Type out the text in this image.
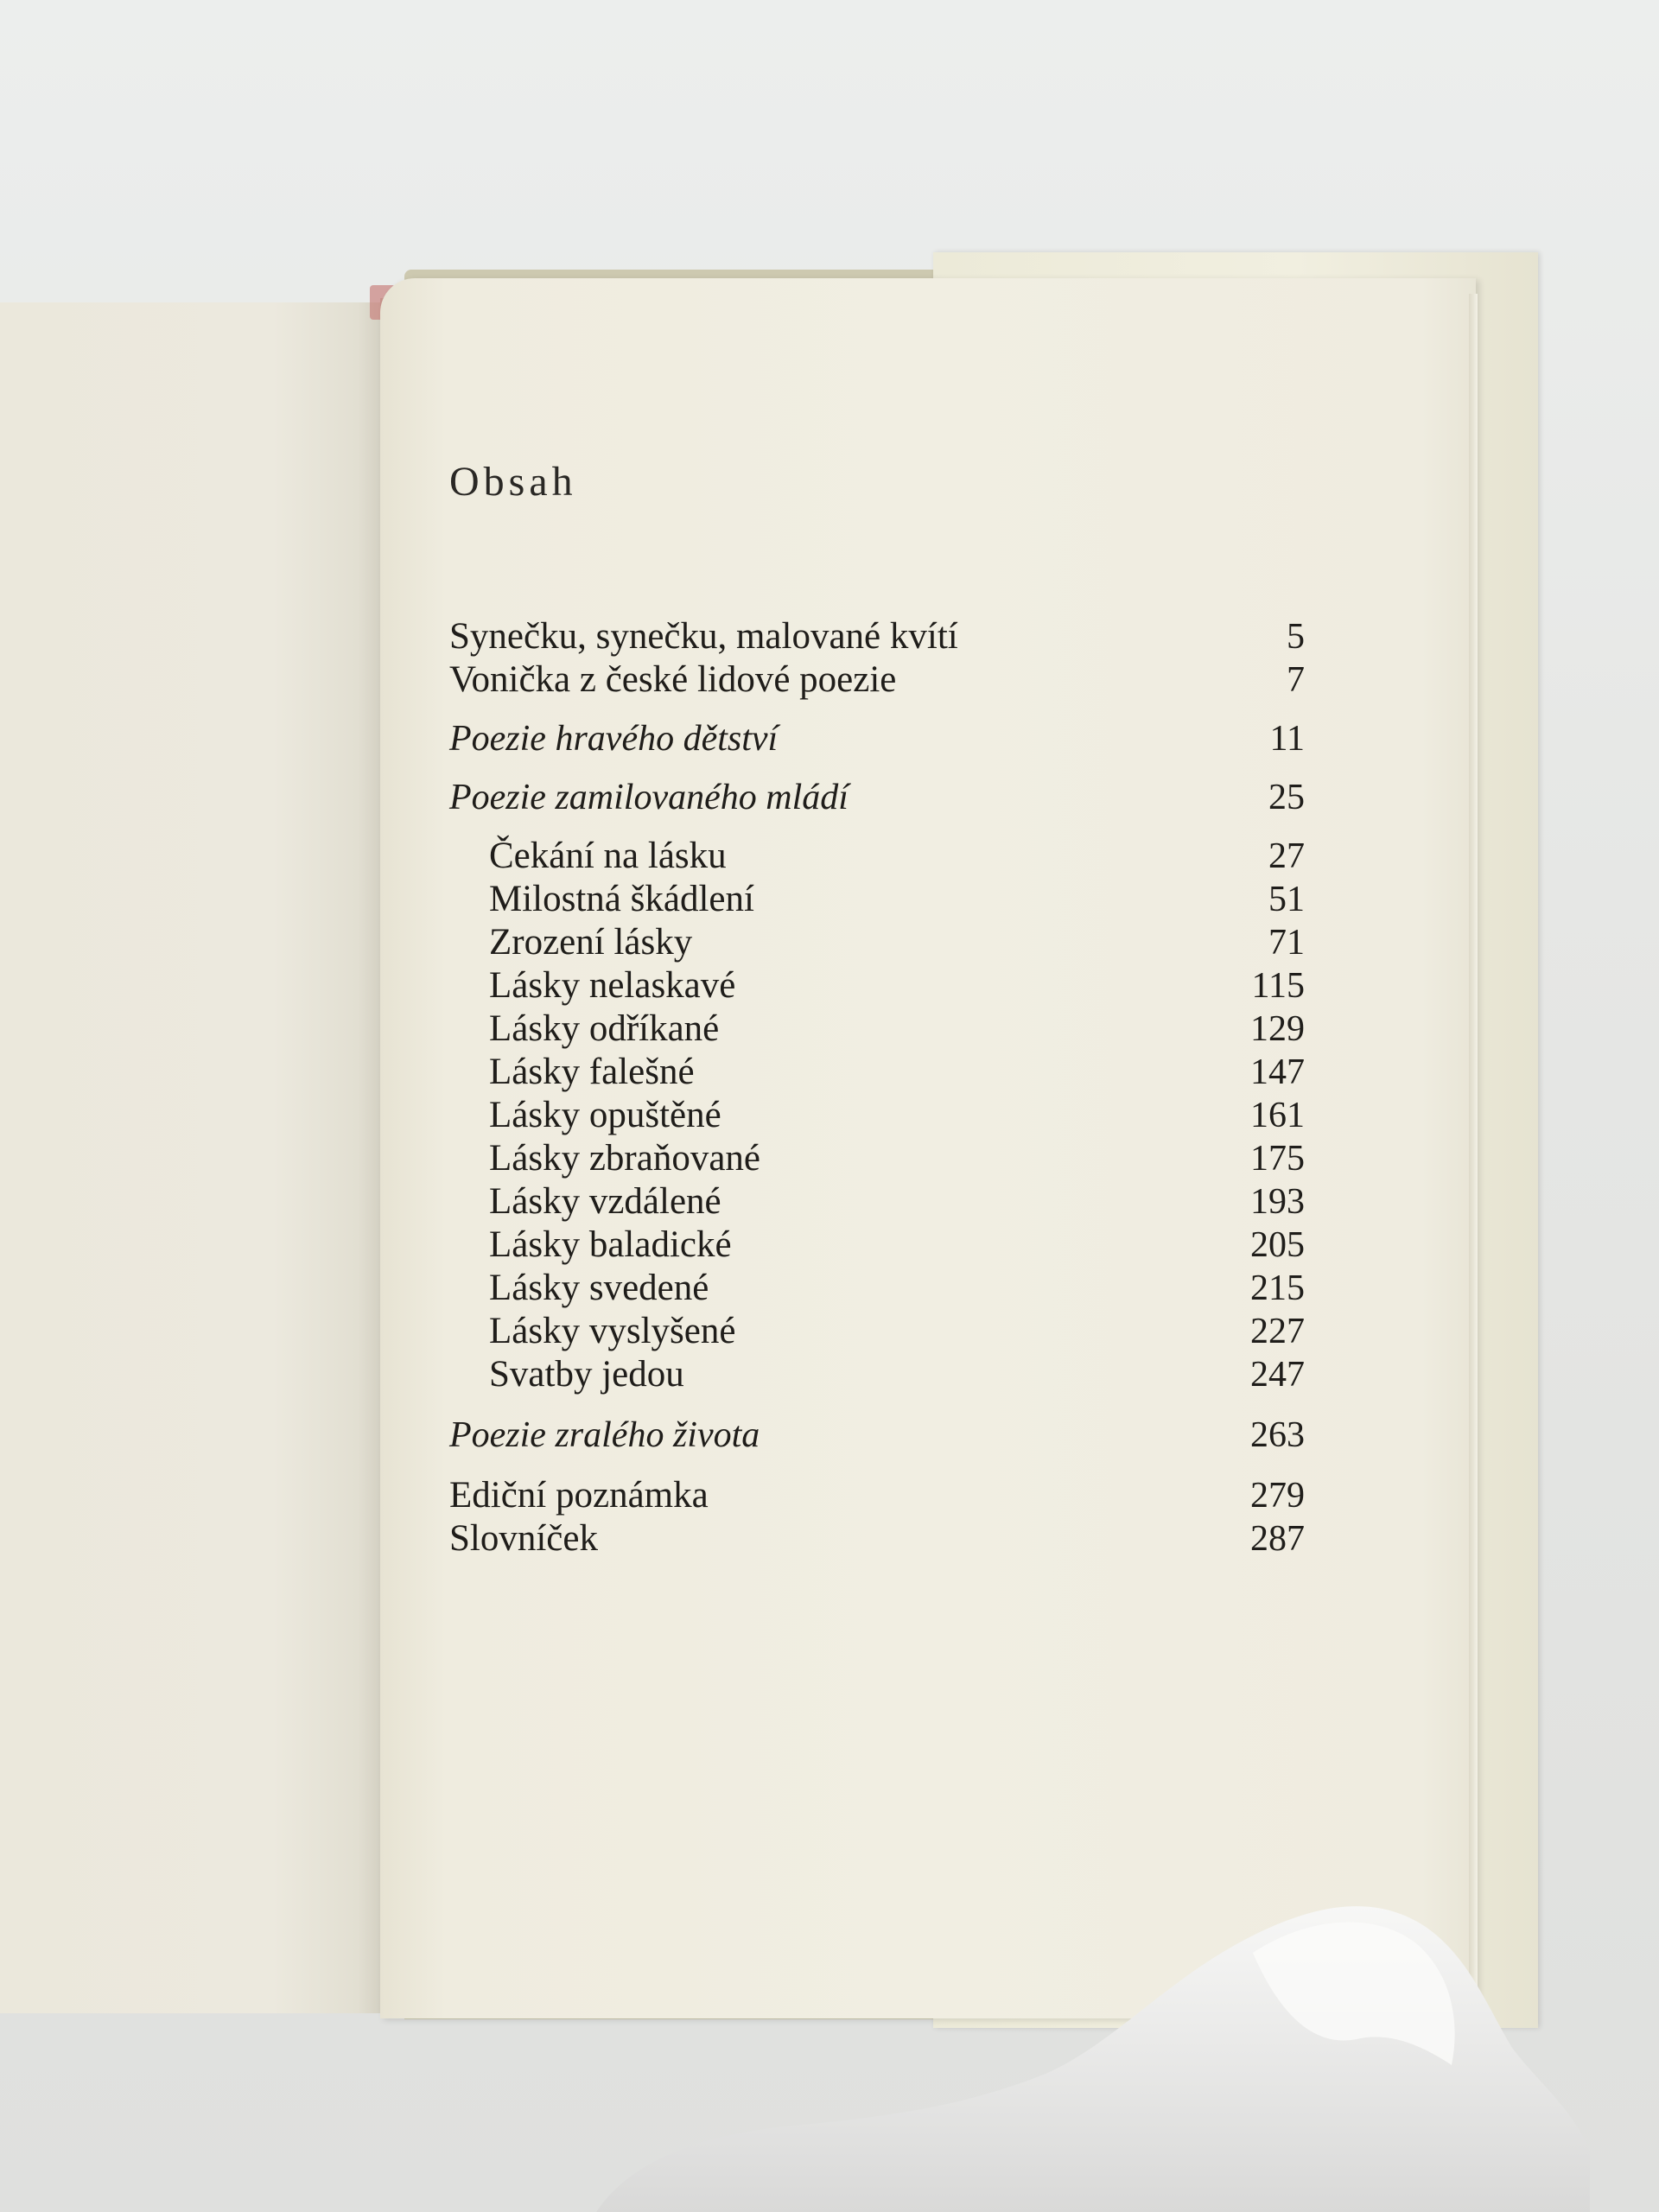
Obsah
Synečku, synečku, malované kvítí	5
Vonička z české lidové poezie	7
Poezie hravého dětství	11
Poezie zamilovaného mládí	25
Čekání na lásku	27
Milostná škádlení	51
Zrození lásky	71
Lásky nelaskavé	115
Lásky odříkané	129
Lásky falešné	147
Lásky opuštěné	161
Lásky zbraňované	175
Lásky vzdálené	193
Lásky baladické	205
Lásky svedené	215
Lásky vyslyšené	227
Svatby jedou	247
Poezie zralého života	263
Ediční poznámka	279
Slovníček	287
